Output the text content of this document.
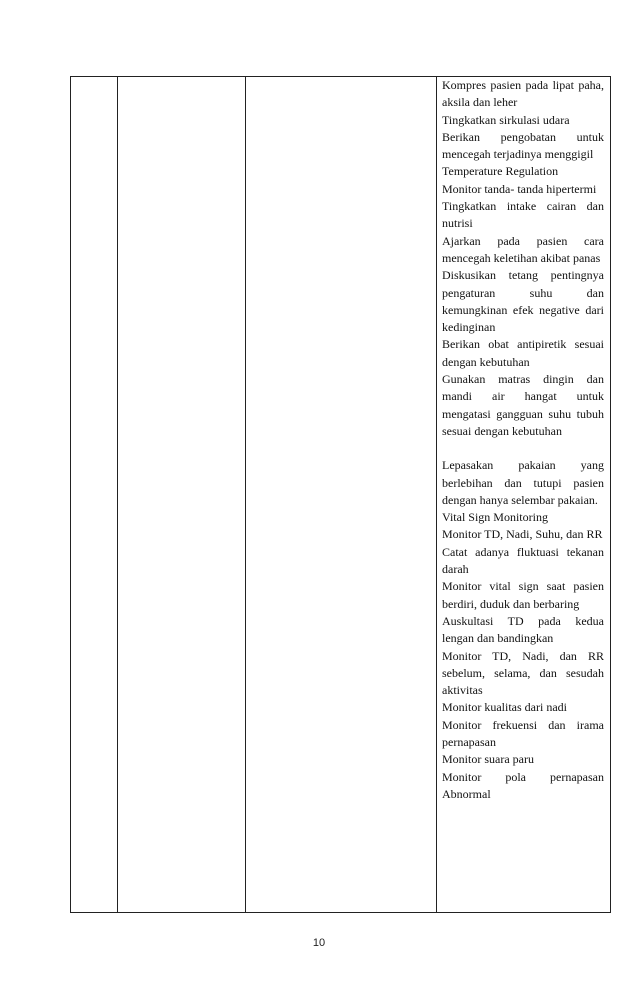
Kompres pasien pada lipat paha, aksila dan leher
Tingkatkan sirkulasi udara
Berikan pengobatan untuk mencegah terjadinya menggigil
Temperature Regulation
Monitor tanda- tanda hipertermi
Tingkatkan intake cairan dan nutrisi
Ajarkan pada pasien cara mencegah keletihan akibat panas
Diskusikan tetang pentingnya pengaturan suhu dan kemungkinan efek negative dari kedinginan
Berikan obat antipiretik sesuai dengan kebutuhan
Gunakan matras dingin dan mandi air hangat untuk mengatasi gangguan suhu tubuh sesuai dengan kebutuhan
Lepasakan pakaian yang berlebihan dan tutupi pasien dengan hanya selembar pakaian.
Vital Sign Monitoring
Monitor TD, Nadi, Suhu, dan RR
Catat adanya fluktuasi tekanan darah
Monitor vital sign saat pasien berdiri, duduk dan berbaring
Auskultasi TD pada kedua lengan dan bandingkan
Monitor TD, Nadi, dan RR sebelum, selama, dan sesudah aktivitas
Monitor kualitas dari nadi
Monitor frekuensi dan irama pernapasan
Monitor suara paru
Monitor pola pernapasan Abnormal
10
